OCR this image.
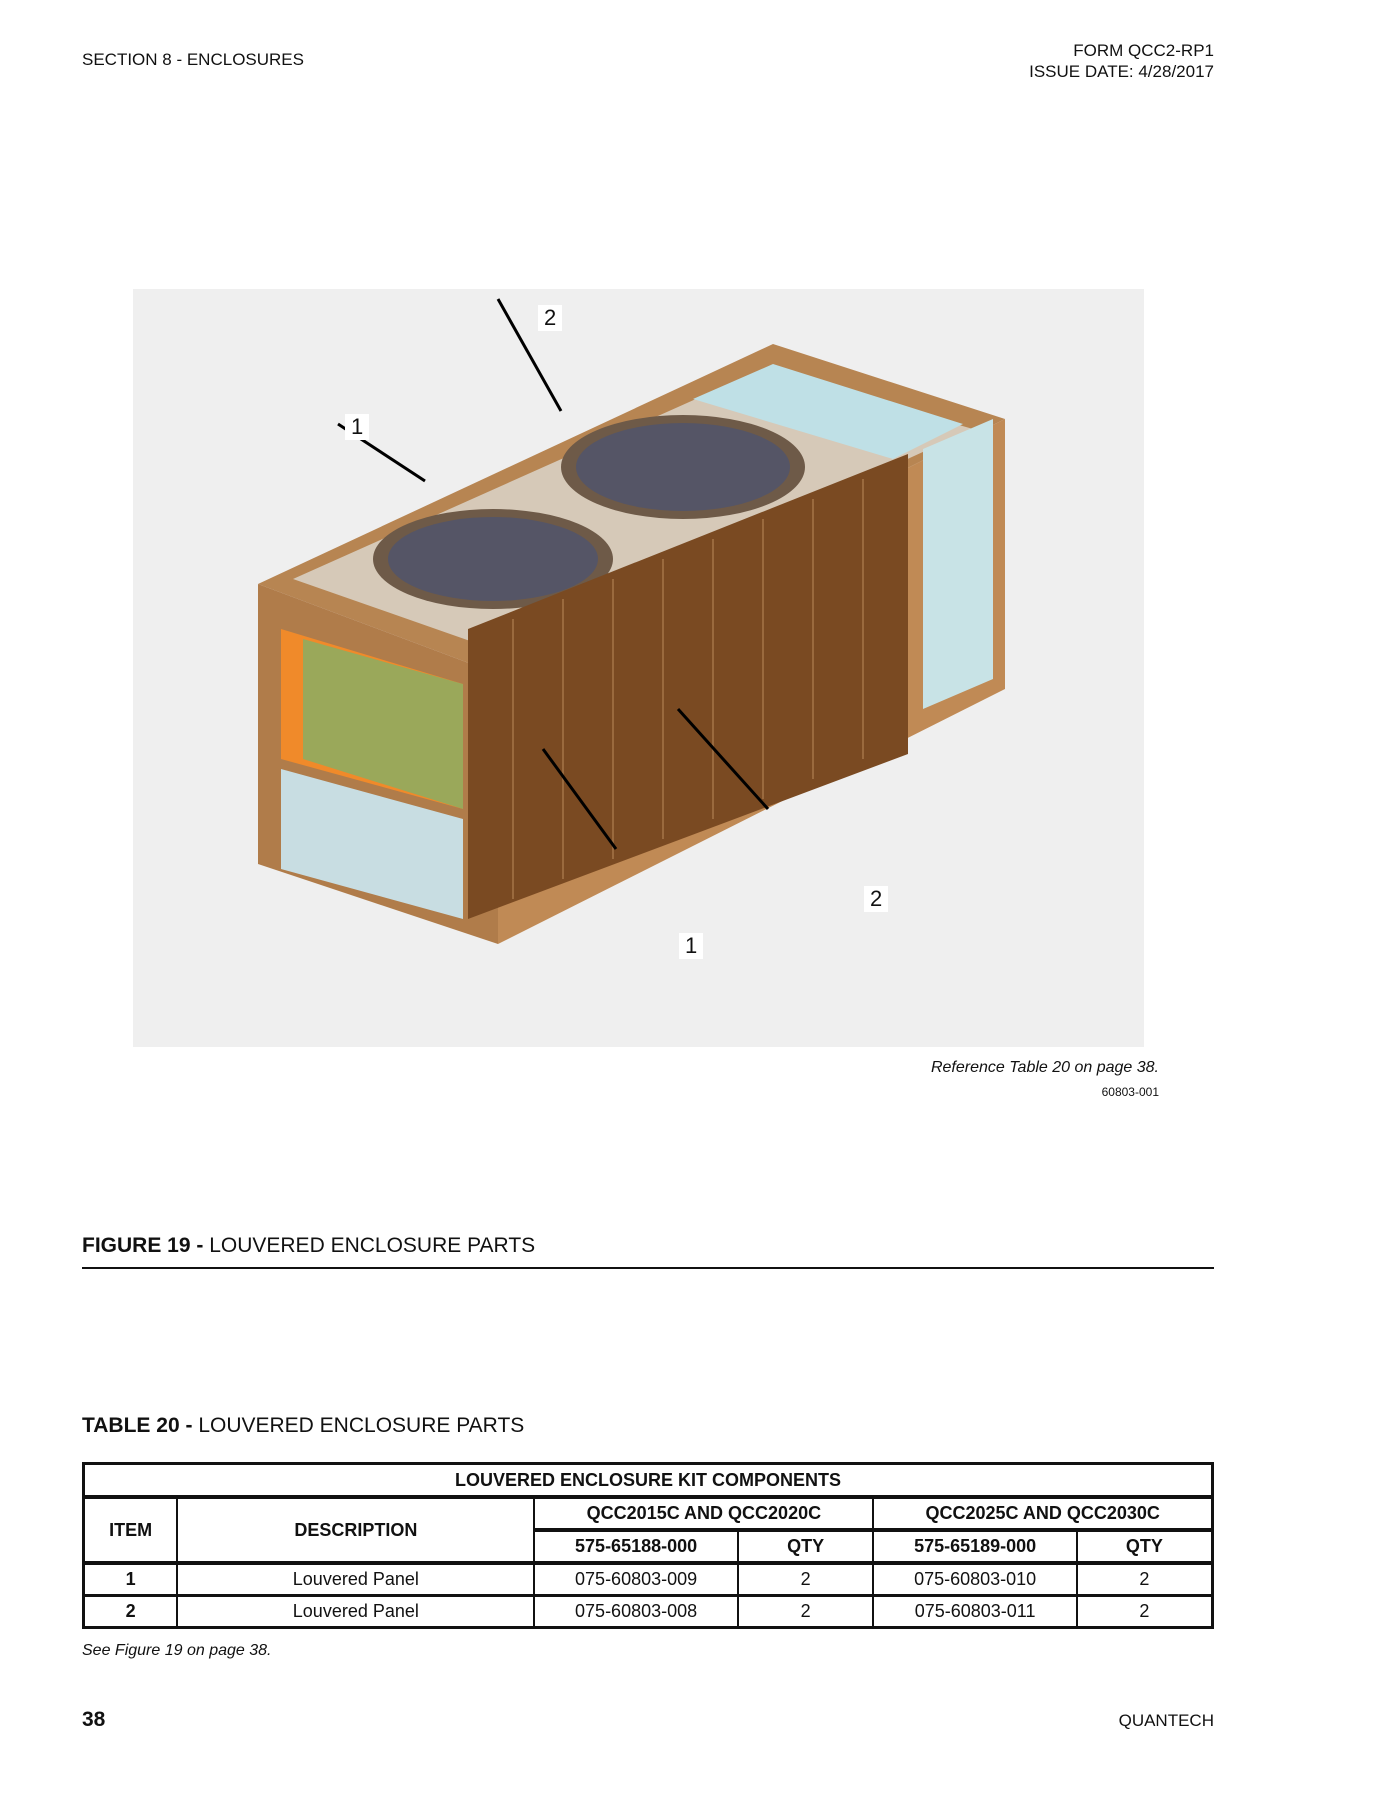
SECTION 8 - ENCLOSURES	FORM QCC2-RP1
ISSUE DATE: 4/28/2017
2
1
2
1
Reference Table 20 on page 38.
60803-001
FIGURE 19 - LOUVERED ENCLOSURE PARTS
TABLE 20 - LOUVERED ENCLOSURE PARTS
LOUVERED ENCLOSURE KIT COMPONENTS					
ITEM	DESCRIPTION	QCC2015C AND QCC2020C		QCC2025C AND QCC2030C	
		575-65188-000	QTY	575-65189-000	QTY
1	Louvered Panel	075-60803-009	2	075-60803-010	2
2	Louvered Panel	075-60803-008	2	075-60803-011	2
See Figure 19 on page 38.
38	QUANTECH
